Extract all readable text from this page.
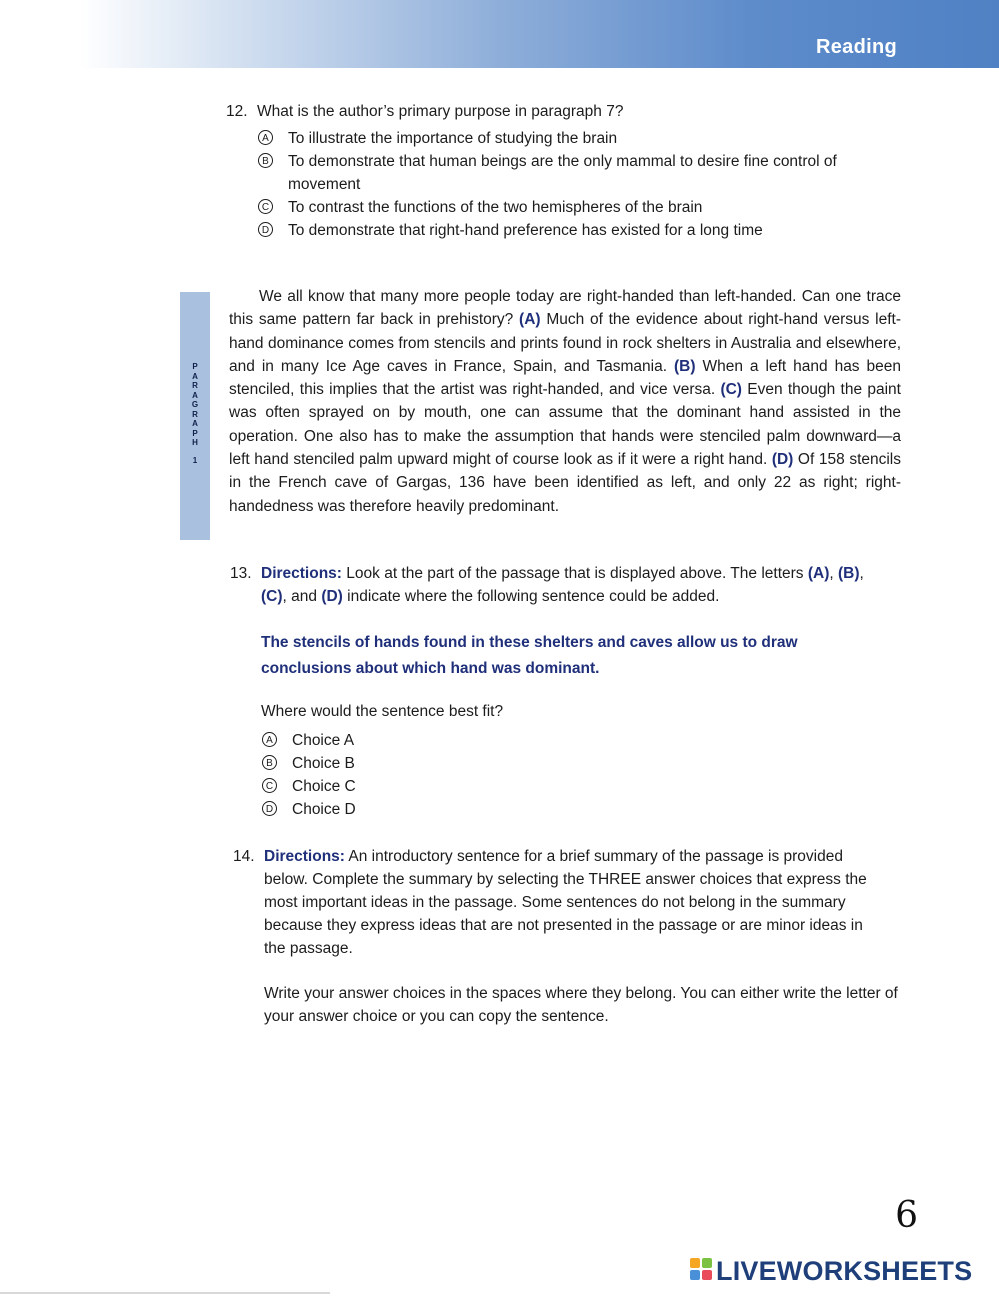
Reading
12. What is the author’s primary purpose in paragraph 7?
A To illustrate the importance of studying the brain
B To demonstrate that human beings are the only mammal to desire fine control of movement
C To contrast the functions of the two hemispheres of the brain
D To demonstrate that right-hand preference has existed for a long time
P
A
R
A
G
R
A
P
H
1
We all know that many more people today are right-handed than left-handed. Can one trace this same pattern far back in prehistory? (A) Much of the evidence about right-hand versus left-hand dominance comes from stencils and prints found in rock shelters in Australia and elsewhere, and in many Ice Age caves in France, Spain, and Tasmania. (B) When a left hand has been stenciled, this implies that the artist was right-handed, and vice versa. (C) Even though the paint was often sprayed on by mouth, one can assume that the dominant hand assisted in the operation. One also has to make the assumption that hands were stenciled palm downward—a left hand stenciled palm upward might of course look as if it were a right hand. (D) Of 158 stencils in the French cave of Gargas, 136 have been identified as left, and only 22 as right; right-handedness was therefore heavily predominant.
13. Directions: Look at the part of the passage that is displayed above. The letters (A), (B), (C), and (D) indicate where the following sentence could be added.
The stencils of hands found in these shelters and caves allow us to draw conclusions about which hand was dominant.
Where would the sentence best fit?
A Choice A
B Choice B
C Choice C
D Choice D
14. Directions: An introductory sentence for a brief summary of the passage is provided below. Complete the summary by selecting the THREE answer choices that express the most important ideas in the passage. Some sentences do not belong in the summary because they express ideas that are not presented in the passage or are minor ideas in the passage.
Write your answer choices in the spaces where they belong. You can either write the letter of your answer choice or you can copy the sentence.
6
LIVEWORKSHEETS
